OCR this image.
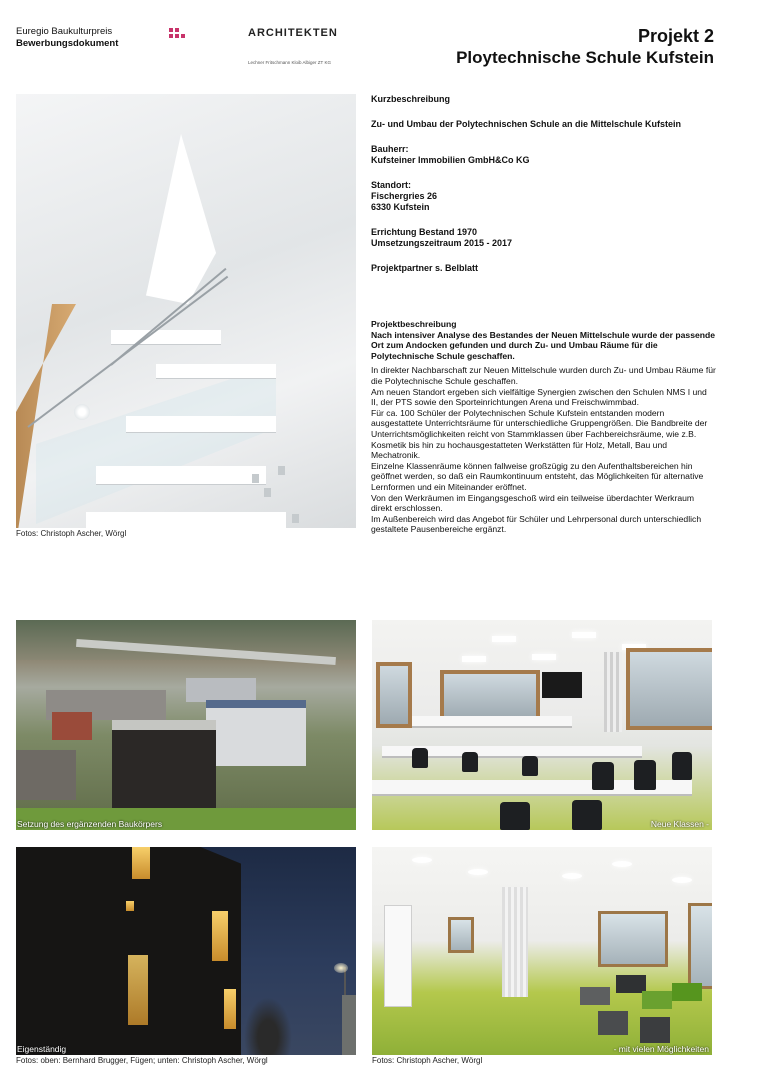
Euregio Baukulturpreis
Bewerbungsdokument
ARCHITEKTEN
Lechner Fritschmann Kloib Albiger ZT KG
Projekt 2
Ploytechnische Schule Kufstein
Fotos: Christoph Ascher, Wörgl

Kurzbeschreibung

Zu- und Umbau der Polytechnischen Schule an die Mittelschule Kufstein

Bauherr:

Kufsteiner Immobilien GmbH&Co KG

Standort:

Fischergries 26

6330 Kufstein

Errichtung Bestand 1970

Umsetzungszeitraum 2015 - 2017

Projektpartner s. Belblatt

Projektbeschreibung

Nach intensiver Analyse des Bestandes der Neuen Mittelschule wurde der passende Ort zum Andocken gefunden und durch Zu- und Umbau Räume für die Polytechnische Schule geschaffen.

In direkter Nachbarschaft zur Neuen Mittelschule wurden durch Zu- und Umbau Räume für die Polytechnische Schule geschaffen.

Am neuen Standort ergeben sich vielfältige Synergien zwischen den Schulen NMS I und II, der PTS sowie den Sporteinrichtungen Arena und Freischwimmbad.

Für ca. 100 Schüler der Polytechnischen Schule Kufstein entstanden modern ausgestattete Unterrichtsräume für unterschiedliche Gruppengrößen. Die Bandbreite der Unterrichtsmöglichkeiten reicht von Stammklassen über Fachbereichsräume, wie z.B. Kosmetik bis hin zu hochausgestatteten Werkstätten für Holz, Metall, Bau und Mechatronik.

Einzelne Klassenräume können fallweise großzügig zu den Aufenthaltsbereichen hin geöffnet werden, so daß ein Raumkontinuum entsteht, das Möglichkeiten für alternative Lernformen und ein Miteinander eröffnet.

Von den Werkräumen im Eingangsgeschoß wird ein teilweise überdachter Werkraum direkt erschlossen.

Im Außenbereich wird das Angebot für Schüler und Lehrpersonal durch unterschiedlich gestaltete Pausenbereiche ergänzt.

Setzung des ergänzenden Baukörpers	Neue Klassen -
Eigenständig	- mit vielen Möglichkeiten
Fotos: oben: Bernhard Brugger, Fügen; unten: Christoph Ascher, Wörgl	Fotos: Christoph Ascher, Wörgl
